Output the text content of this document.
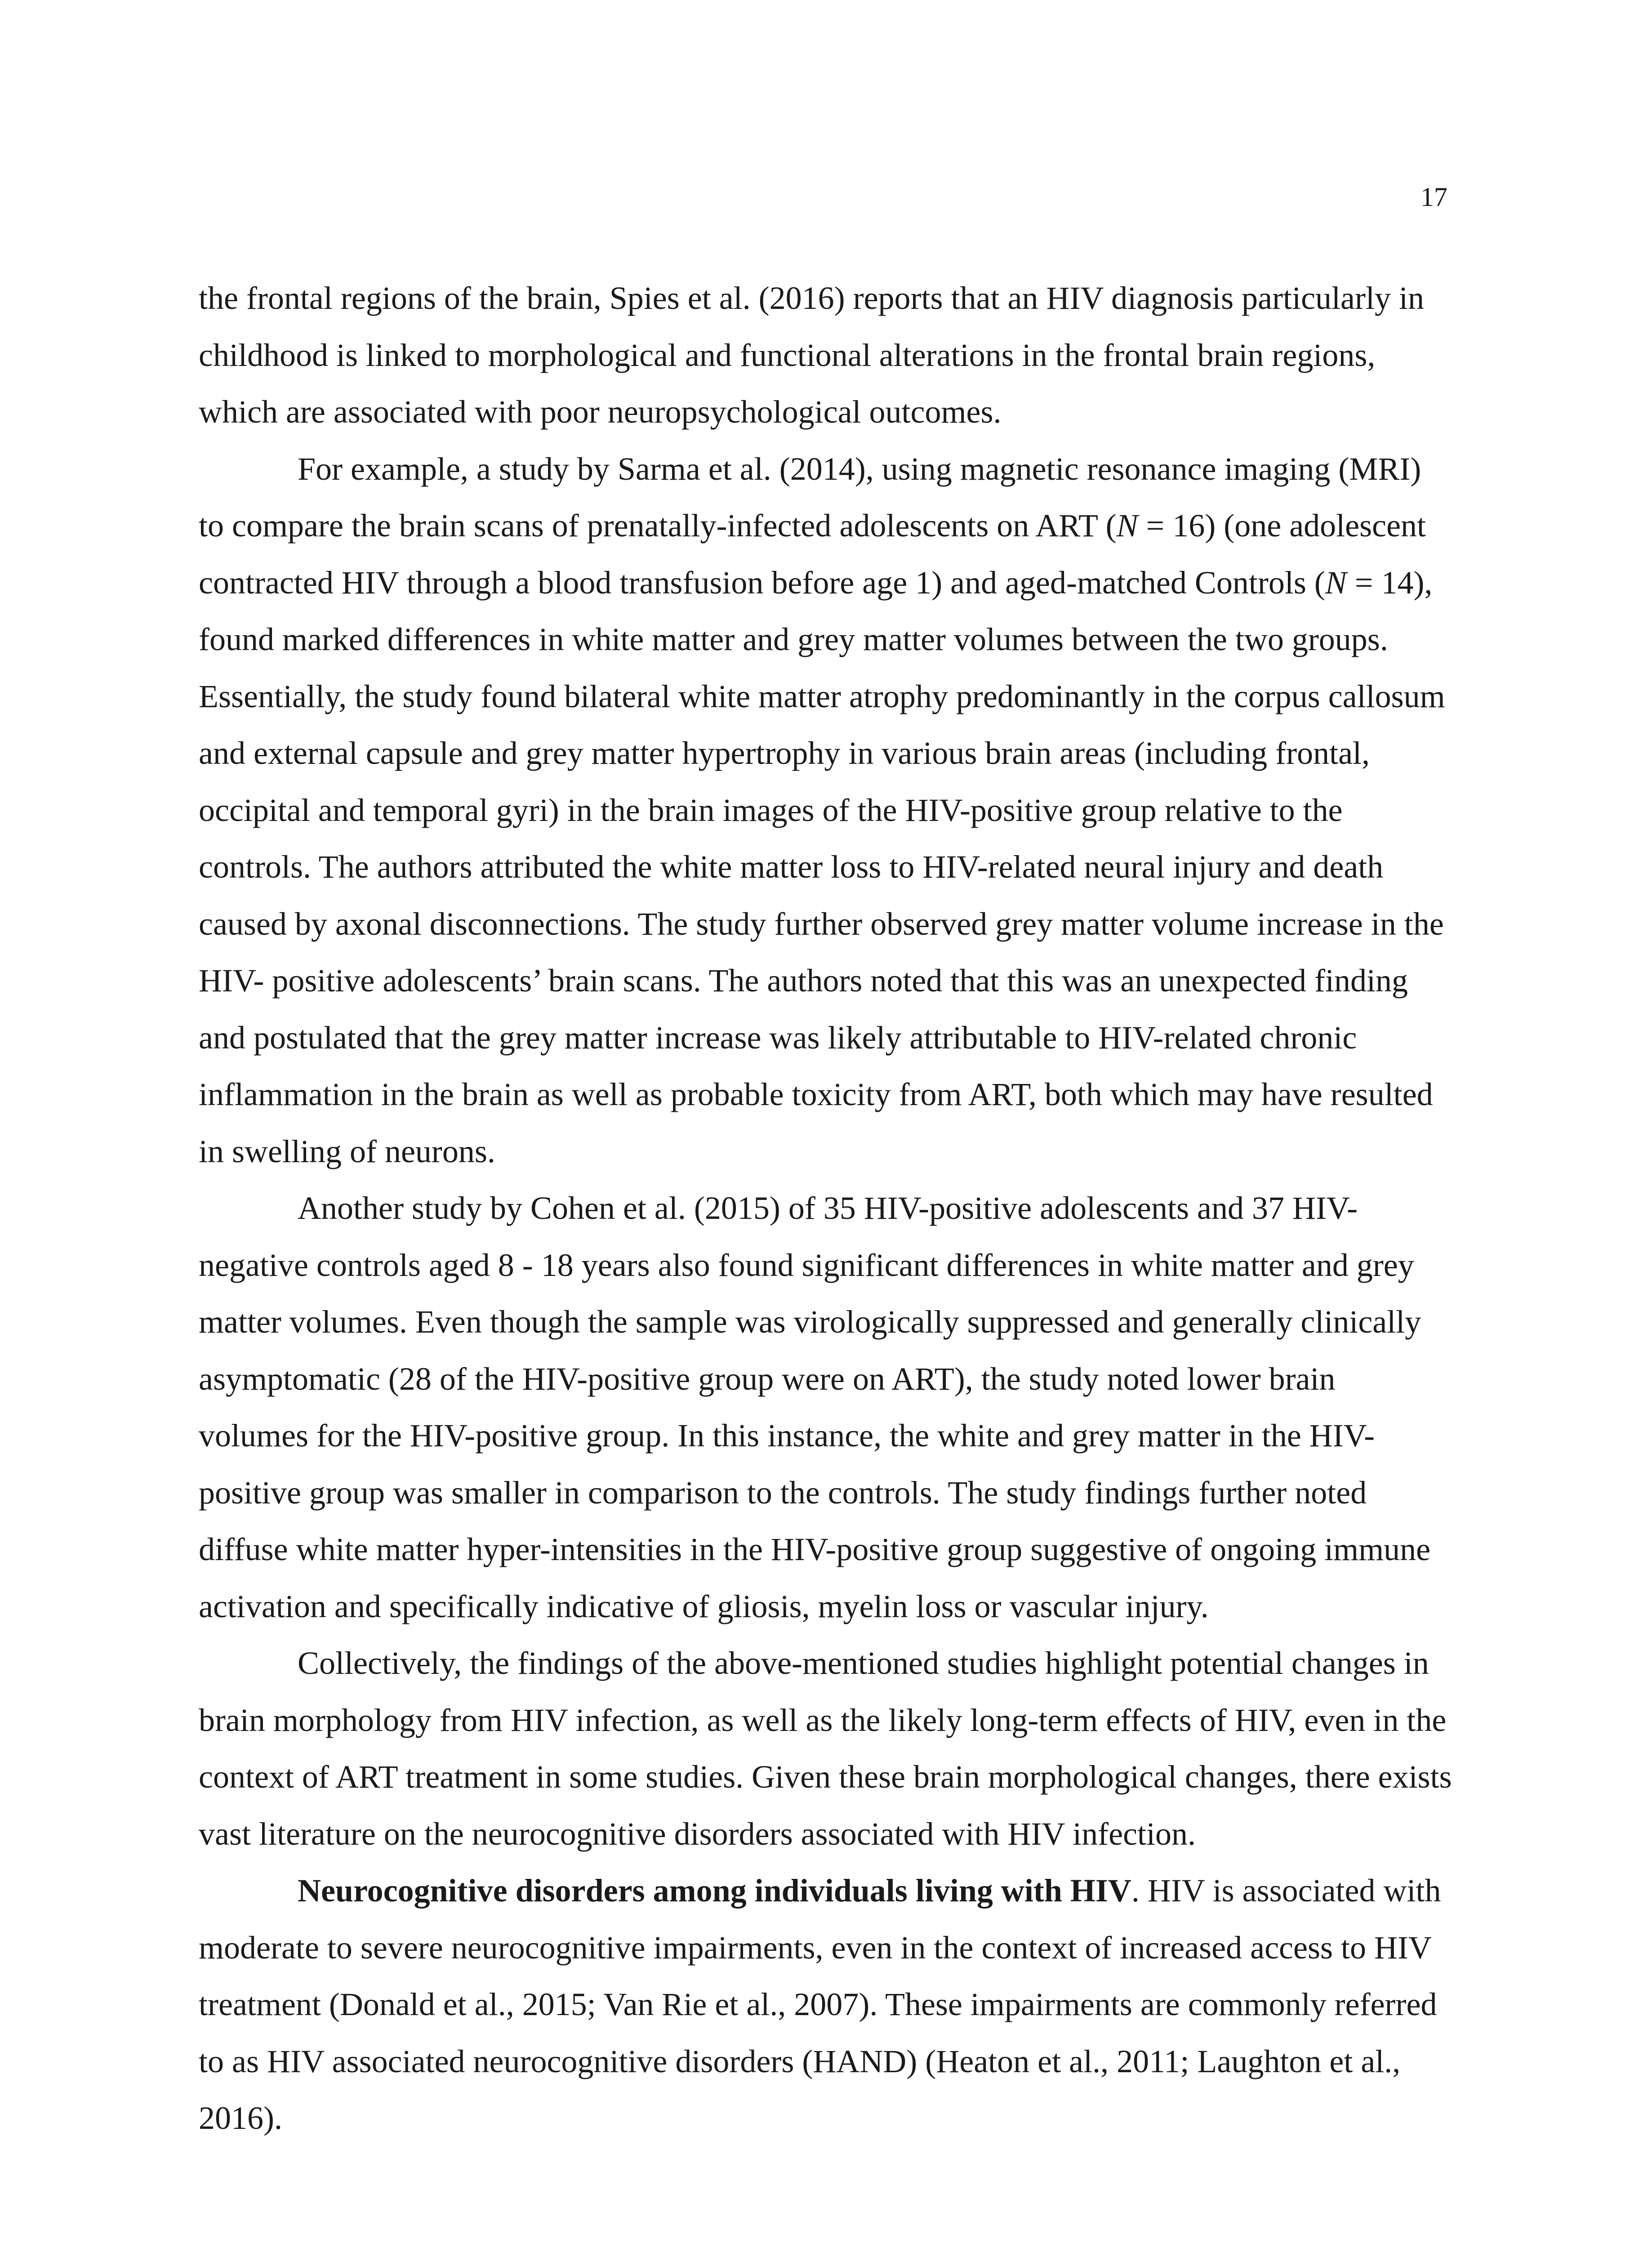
17

the frontal regions of the brain, Spies et al. (2016) reports that an HIV diagnosis particularly in childhood is linked to morphological and functional alterations in the frontal brain regions, which are associated with poor neuropsychological outcomes.

For example, a study by Sarma et al. (2014), using magnetic resonance imaging (MRI) to compare the brain scans of prenatally-infected adolescents on ART (N = 16) (one adolescent contracted HIV through a blood transfusion before age 1) and aged-matched Controls (N = 14), found marked differences in white matter and grey matter volumes between the two groups. Essentially, the study found bilateral white matter atrophy predominantly in the corpus callosum and external capsule and grey matter hypertrophy in various brain areas (including frontal, occipital and temporal gyri) in the brain images of the HIV-positive group relative to the controls. The authors attributed the white matter loss to HIV-related neural injury and death caused by axonal disconnections. The study further observed grey matter volume increase in the HIV- positive adolescents’ brain scans. The authors noted that this was an unexpected finding and postulated that the grey matter increase was likely attributable to HIV-related chronic inflammation in the brain as well as probable toxicity from ART, both which may have resulted in swelling of neurons.

Another study by Cohen et al. (2015) of 35 HIV-positive adolescents and 37 HIV-negative controls aged 8 - 18 years also found significant differences in white matter and grey matter volumes. Even though the sample was virologically suppressed and generally clinically asymptomatic (28 of the HIV-positive group were on ART), the study noted lower brain volumes for the HIV-positive group. In this instance, the white and grey matter in the HIV-positive group was smaller in comparison to the controls. The study findings further noted diffuse white matter hyper-intensities in the HIV-positive group suggestive of ongoing immune activation and specifically indicative of gliosis, myelin loss or vascular injury.

Collectively, the findings of the above-mentioned studies highlight potential changes in brain morphology from HIV infection, as well as the likely long-term effects of HIV, even in the context of ART treatment in some studies. Given these brain morphological changes, there exists vast literature on the neurocognitive disorders associated with HIV infection.

Neurocognitive disorders among individuals living with HIV. HIV is associated with moderate to severe neurocognitive impairments, even in the context of increased access to HIV treatment (Donald et al., 2015; Van Rie et al., 2007). These impairments are commonly referred to as HIV associated neurocognitive disorders (HAND) (Heaton et al., 2011; Laughton et al., 2016).
